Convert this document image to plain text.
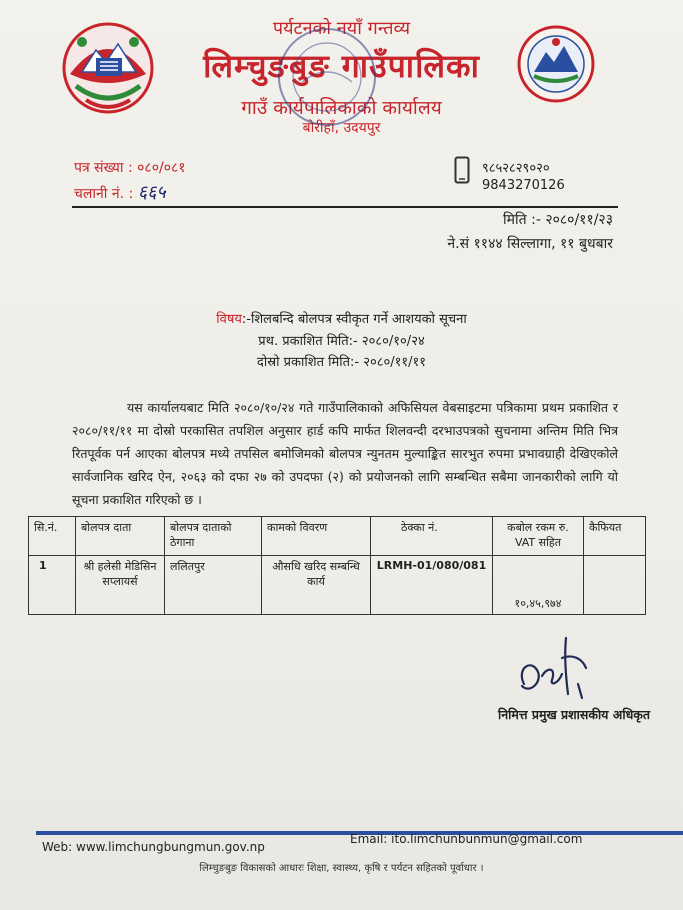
पर्यटनको नयाँ गन्तव्य
लिम्चुङबुङ गाउँपालिका
गाउँ कार्यपालिकाको कार्यालय
बोरीहाँ, उदयपुर
पत्र संख्या : ०८०/०८१
चलानी नं. : ६६५
९८५२८२९०२०
9843270126
मिति :- २०८०/११/२३
ने.सं ११४४ सिल्लागा, ११ बुधबार
विषय:-शिलबन्दि बोलपत्र स्वीकृत गर्ने आशयको सूचना
प्रथ. प्रकाशित मिति:- २०८०/१०/२४
दोस्रो प्रकाशित मिति:- २०८०/११/११

यस कार्यालयबाट मिति २०८०/१०/२४ गते गाउँपालिकाको अफिसियल वेबसाइटमा पत्रिकामा प्रथम प्रकाशित र २०८०/११/११ मा दोस्रो परकासित तपशिल अनुसार हार्ड कपि मार्फत शिलवन्दी दरभाउपत्रको सुचनामा अन्तिम मिति भित्र रितपूर्वक पर्न आएका बोलपत्र मध्ये तपसिल बमोजिमको बोलपत्र न्युनतम मुल्याङ्कित सारभुत रुपमा प्रभावग्राही देखिएकोले सार्वजानिक खरिद ऐन, २०६३ को दफा २७ को उपदफा (२) को प्रयोजनको लागि सम्बन्धित सबैमा जानकारीको लागि यो सूचना प्रकाशित गरिएको छ ।

सि.नं.	बोलपत्र दाता	बोलपत्र दाताको ठेगाना	कामको विवरण	ठेक्का नं.	कबोल रकम रु. VAT सहित	कैफियत
1	श्री हलेसी मेडिसिन सप्लायर्स	ललितपुर	औसधि खरिद सम्बन्धि कार्य	LRMH-01/080/081	१०,४५,९७४	
निमित्त प्रमुख प्रशासकीय अधिकृत
Email: ito.limchunbunmun@gmail.com
Web: www.limchungbungmun.gov.np
लिम्चुङबुङ विकासको आधारः शिक्षा, स्वास्थ्य, कृषि र पर्यटन सहितको पूर्वाधार ।
